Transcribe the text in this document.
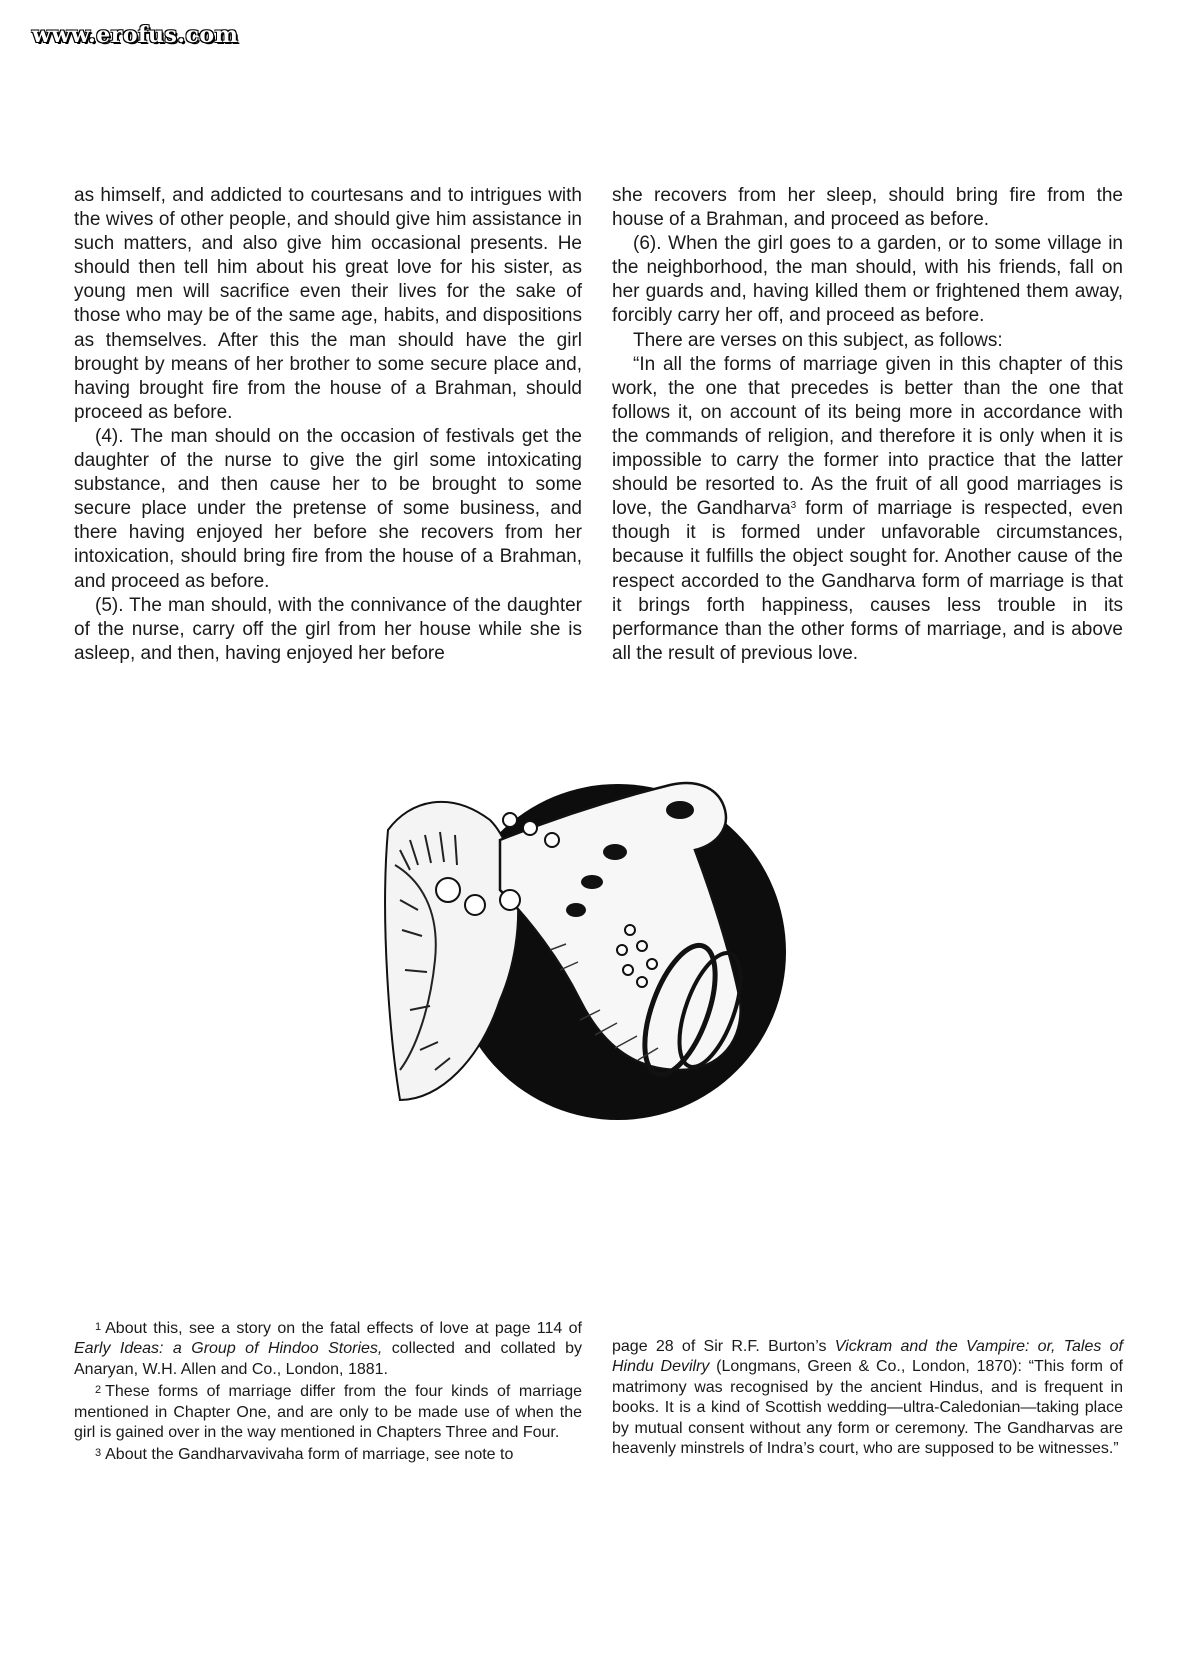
www.erofus.com

as himself, and addicted to courtesans and to intrigues with the wives of other people, and should give him assistance in such matters, and also give him occasional presents. He should then tell him about his great love for his sister, as young men will sacrifice even their lives for the sake of those who may be of the same age, habits, and dispositions as themselves. After this the man should have the girl brought by means of her brother to some secure place and, having brought fire from the house of a Brahman, should proceed as before.

(4). The man should on the occasion of festivals get the daughter of the nurse to give the girl some intoxicating substance, and then cause her to be brought to some secure place under the pretense of some business, and there having enjoyed her before she recovers from her intoxication, should bring fire from the house of a Brahman, and proceed as before.

(5). The man should, with the connivance of the daughter of the nurse, carry off the girl from her house while she is asleep, and then, having enjoyed her before

she recovers from her sleep, should bring fire from the house of a Brahman, and proceed as before.

(6). When the girl goes to a garden, or to some village in the neighborhood, the man should, with his friends, fall on her guards and, having killed them or frightened them away, forcibly carry her off, and proceed as before.

There are verses on this subject, as follows:

“In all the forms of marriage given in this chapter of this work, the one that precedes is better than the one that follows it, on account of its being more in accordance with the commands of religion, and therefore it is only when it is impossible to carry the former into practice that the latter should be resorted to. As the fruit of all good marriages is love, the Gandharva$^3$ form of marriage is respected, even though it is formed under unfavorable circumstances, because it fulfills the object sought for. Another cause of the respect accorded to the Gandharva form of marriage is that it brings forth happiness, causes less trouble in its performance than the other forms of marriage, and is above all the result of previous love.

1 About this, see a story on the fatal effects of love at page 114 of Early Ideas: a Group of Hindoo Stories, collected and collated by Anaryan, W.H. Allen and Co., London, 1881.

2 These forms of marriage differ from the four kinds of marriage mentioned in Chapter One, and are only to be made use of when the girl is gained over in the way mentioned in Chapters Three and Four.

3 About the Gandharvavivaha form of marriage, see note to

page 28 of Sir R.F. Burton’s Vickram and the Vampire: or, Tales of Hindu Devilry (Longmans, Green & Co., London, 1870): “This form of matrimony was recognised by the ancient Hindus, and is frequent in books. It is a kind of Scottish wedding—ultra-Caledonian—taking place by mutual consent without any form or ceremony. The Gandharvas are heavenly minstrels of Indra’s court, who are supposed to be witnesses.”
